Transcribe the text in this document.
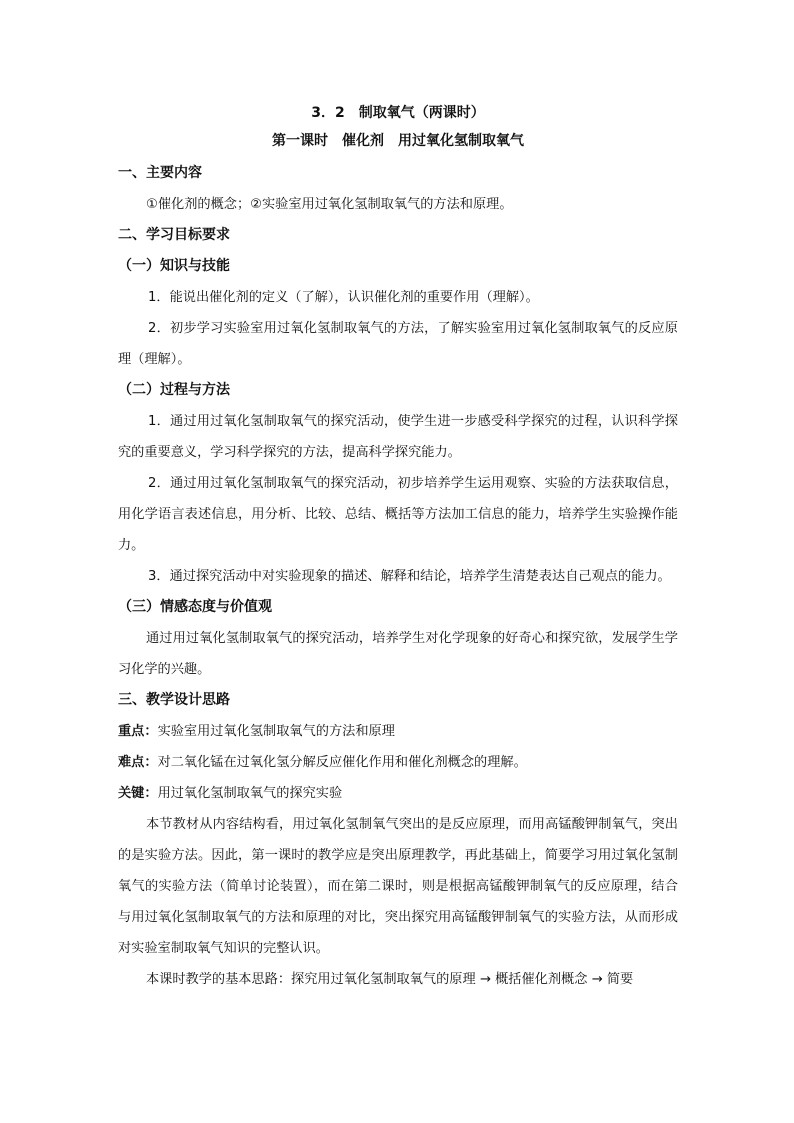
3．2　制取氧气（两课时）
第一课时　催化剂　用过氧化氢制取氧气
一、主要内容

①催化剂的概念；②实验室用过氧化氢制取氧气的方法和原理。

二、学习目标要求
（一）知识与技能

1．能说出催化剂的定义（了解），认识催化剂的重要作用（理解）。

2．初步学习实验室用过氧化氢制取氧气的方法，了解实验室用过氧化氢制取氧气的反应原理（理解）。

（二）过程与方法

1．通过用过氧化氢制取氧气的探究活动，使学生进一步感受科学探究的过程，认识科学探究的重要意义，学习科学探究的方法，提高科学探究能力。

2．通过用过氧化氢制取氧气的探究活动，初步培养学生运用观察、实验的方法获取信息，用化学语言表述信息，用分析、比较、总结、概括等方法加工信息的能力，培养学生实验操作能力。

3．通过探究活动中对实验现象的描述、解释和结论，培养学生清楚表达自己观点的能力。

（三）情感态度与价值观

通过用过氧化氢制取氧气的探究活动，培养学生对化学现象的好奇心和探究欲，发展学生学习化学的兴趣。

三、教学设计思路
重点：实验室用过氧化氢制取氧气的方法和原理
难点：对二氧化锰在过氧化氢分解反应催化作用和催化剂概念的理解。
关键：用过氧化氢制取氧气的探究实验

本节教材从内容结构看，用过氧化氢制氧气突出的是反应原理，而用高锰酸钾制氧气，突出的是实验方法。因此，第一课时的教学应是突出原理教学，再此基础上，简要学习用过氧化氢制氧气的实验方法（简单讨论装置），而在第二课时，则是根据高锰酸钾制氧气的反应原理，结合与用过氧化氢制取氧气的方法和原理的对比，突出探究用高锰酸钾制氧气的实验方法，从而形成对实验室制取氧气知识的完整认识。

本课时教学的基本思路：探究用过氧化氢制取氧气的原理 → 概括催化剂概念 → 简要
